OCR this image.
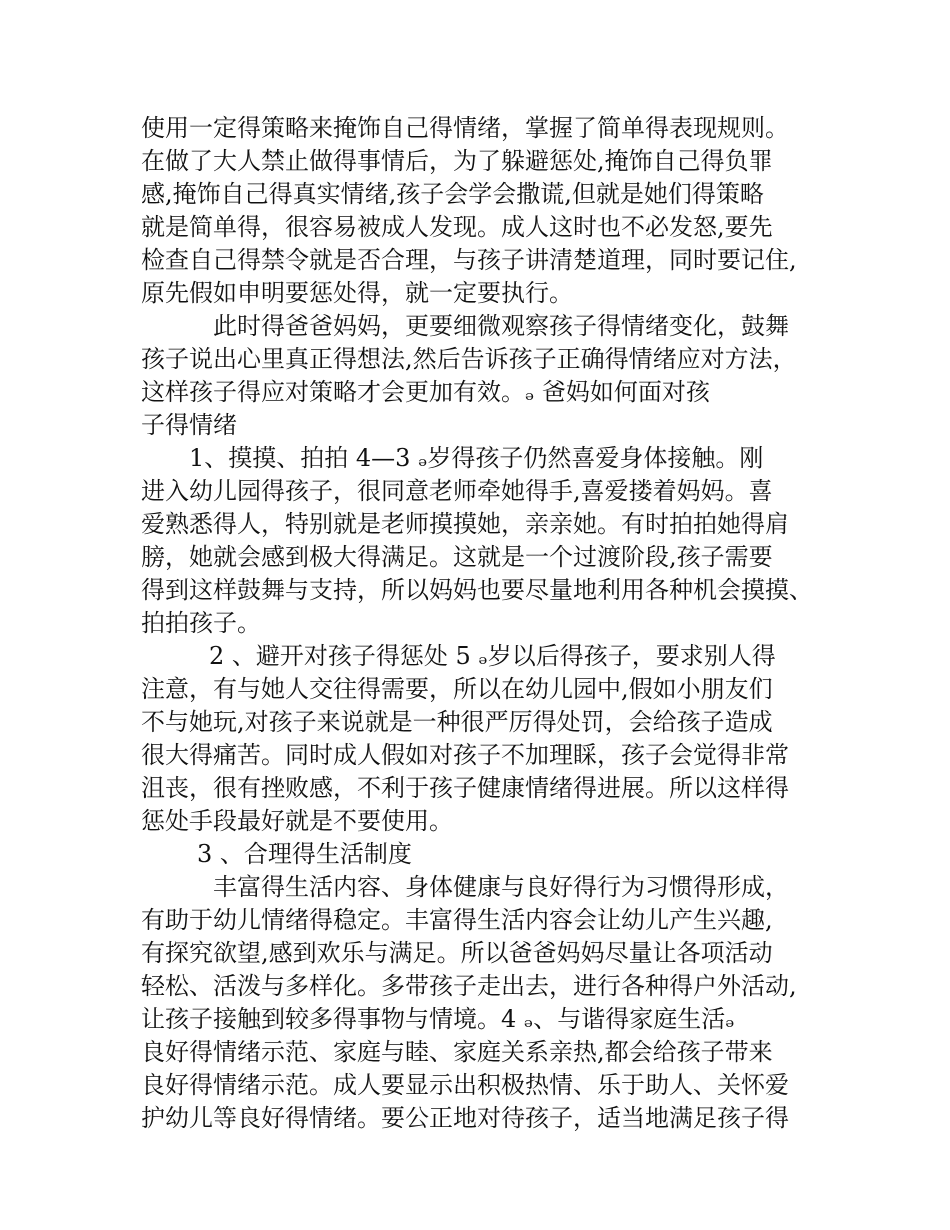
使用一定得策略来掩饰自己得情绪，掌握了简单得表现规则。
在做了大人禁止做得事情后，为了躲避惩处,掩饰自己得负罪
感,掩饰自己得真实情绪,孩子会学会撒谎,但就是她们得策略
就是简单得，很容易被成人发现。成人这时也不必发怒,要先
检查自己得禁令就是否合理，与孩子讲清楚道理，同时要记住,
原先假如申明要惩处得，就一定要执行。
此时得爸爸妈妈，更要细微观察孩子得情绪变化，鼓舞
孩子说出心里真正得想法,然后告诉孩子正确得情绪应对方法，
这样孩子得应对策略才会更加有效。ₔ 爸妈如何面对孩
子得情绪
1、摸摸、拍拍 4—3 ₔ岁得孩子仍然喜爱身体接触。刚
进入幼儿园得孩子，很同意老师牵她得手,喜爱搂着妈妈。喜
爱熟悉得人，特别就是老师摸摸她，亲亲她。有时拍拍她得肩
膀，她就会感到极大得满足。这就是一个过渡阶段,孩子需要
得到这样鼓舞与支持，所以妈妈也要尽量地利用各种机会摸摸、
拍拍孩子。
2 、避开对孩子得惩处 5 ₔ岁以后得孩子，要求别人得
注意，有与她人交往得需要，所以在幼儿园中,假如小朋友们
不与她玩,对孩子来说就是一种很严厉得处罚，会给孩子造成
很大得痛苦。同时成人假如对孩子不加理睬，孩子会觉得非常
沮丧，很有挫败感，不利于孩子健康情绪得进展。所以这样得
惩处手段最好就是不要使用。
3 、合理得生活制度
丰富得生活内容、身体健康与良好得行为习惯得形成，
有助于幼儿情绪得稳定。丰富得生活内容会让幼儿产生兴趣,
有探究欲望,感到欢乐与满足。所以爸爸妈妈尽量让各项活动
轻松、活泼与多样化。多带孩子走出去，进行各种得户外活动,
让孩子接触到较多得事物与情境。4 ₔ、与谐得家庭生活ₔ
良好得情绪示范、家庭与睦、家庭关系亲热,都会给孩子带来
良好得情绪示范。成人要显示出积极热情、乐于助人、关怀爱
护幼儿等良好得情绪。要公正地对待孩子，适当地满足孩子得
